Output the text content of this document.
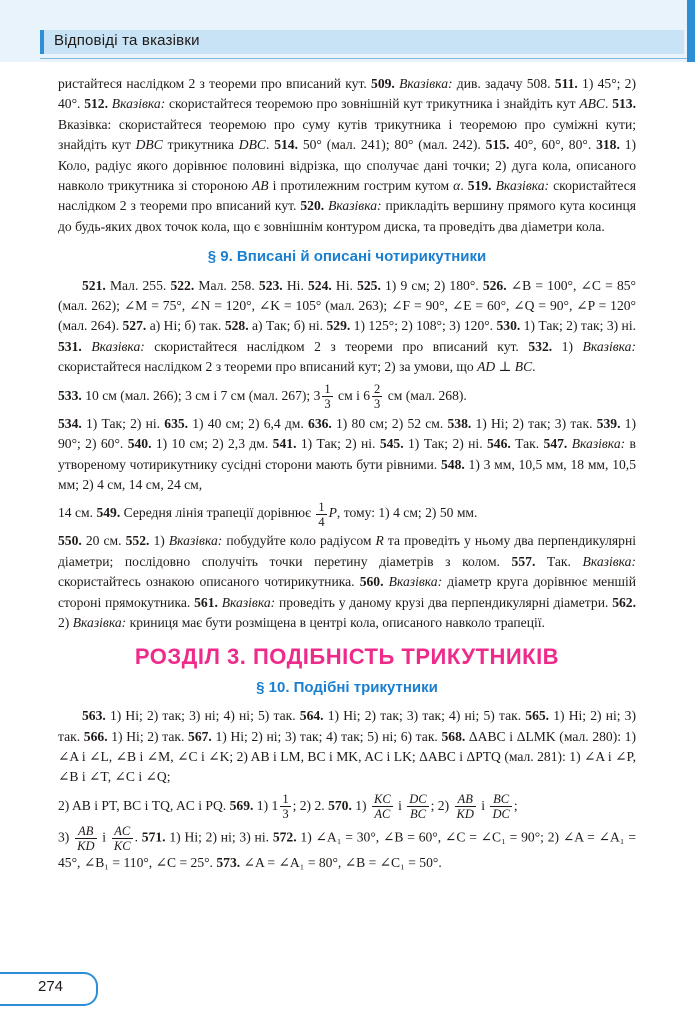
Відповіді та вказівки

ристайтеся наслідком 2 з теореми про вписаний кут. 509. Вказівка: див. задачу 508. 511. 1) 45°; 2) 40°. 512. Вказівка: скористайтеся теоремою про зовнішній кут трикутника і знайдіть кут ABC. 513. Вказівка: скористайтеся теоремою про суму кутів трикутника і теоремою про суміжні кути; знайдіть кут DBC трикутника DBC. 514. 50° (мал. 241); 80° (мал. 242). 515. 40°, 60°, 80°. 318. 1) Коло, радіус якого дорівнює половині відрізка, що сполучає дані точки; 2) дуга кола, описаного навколо трикутника зі стороною AB і протилежним гострим кутом α. 519. Вказівка: скористайтеся наслідком 2 з теореми про вписаний кут. 520. Вказівка: прикладіть вершину прямого кута косинця до будь-яких двох точок кола, що є зовнішнім контуром диска, та проведіть два діаметри кола.

§ 9. Вписані й описані чотирикутники

521. Мал. 255. 522. Мал. 258. 523. Ні. 524. Ні. 525. 1) 9 см; 2) 180°. 526. ∠B = 100°, ∠C = 85° (мал. 262); ∠M = 75°, ∠N = 120°, ∠K = 105° (мал. 263); ∠F = 90°, ∠E = 60°, ∠Q = 90°, ∠P = 120° (мал. 264). 527. а) Ні; б) так. 528. а) Так; б) ні. 529. 1) 125°; 2) 108°; 3) 120°. 530. 1) Так; 2) так; 3) ні. 531. Вказівка: скористайтеся наслідком 2 з теореми про вписаний кут. 532. 1) Вказівка: скористайтеся наслідком 2 з теореми про вписаний кут; 2) за умови, що AD ⊥ BC.

533. 10 см (мал. 266); 3 см і 7 см (мал. 267); $3 \frac{1}{3}$ см і $6 \frac{2}{3}$ см (мал. 268).

534. 1) Так; 2) ні. 635. 1) 40 см; 2) 6,4 дм. 636. 1) 80 см; 2) 52 см. 538. 1) Ні; 2) так; 3) так. 539. 1) 90°; 2) 60°. 540. 1) 10 см; 2) 2,3 дм. 541. 1) Так; 2) ні. 545. 1) Так; 2) ні. 546. Так. 547. Вказівка: в утвореному чотирикутнику сусідні сторони мають бути рівними. 548. 1) 3 мм, 10,5 мм, 18 мм, 10,5 мм; 2) 4 см, 14 см, 24 см,

14 см. 549. Середня лінія трапеції дорівнює $\frac{1}{4} P$, тому: 1) 4 см; 2) 50 мм.

550. 20 см. 552. 1) Вказівка: побудуйте коло радіусом R та проведіть у ньому два перпендикулярні діаметри; послідовно сполучіть точки перетину діаметрів з колом. 557. Так. Вказівка: скористайтесь ознакою описаного чотирикутника. 560. Вказівка: діаметр круга дорівнює меншій стороні прямокутника. 561. Вказівка: проведіть у даному крузі два перпендикулярні діаметри. 562. 2) Вказівка: криниця має бути розміщена в центрі кола, описаного навколо трапеції.

РОЗДІЛ 3. ПОДІБНІСТЬ ТРИКУТНИКІВ
§ 10. Подібні трикутники

563. 1) Ні; 2) так; 3) ні; 4) ні; 5) так. 564. 1) Ні; 2) так; 3) так; 4) ні; 5) так. 565. 1) Ні; 2) ні; 3) так. 566. 1) Ні; 2) так. 567. 1) Ні; 2) ні; 3) так; 4) так; 5) ні; 6) так. 568. ΔABC і ΔLMK (мал. 280): 1) ∠A і ∠L, ∠B і ∠M, ∠C і ∠K; 2) AB і LM, BC і MK, AC і LK; ΔABC і ΔPTQ (мал. 281): 1) ∠A і ∠P, ∠B і ∠T, ∠C і ∠Q;

2) AB і PT, BC і TQ, AC і PQ. 569. 1) $1 \frac{1}{3}$ ; 2) 2. 570. $1) \frac{KC}{AC}$ і $\frac{DC}{BC}$ ; $2) \frac{AB}{KD}$ і $\frac{BC}{DC}$ ;

$3) \frac{AB}{KD}$ і $\frac{AC}{KC}$ . 571. 1) Ні; 2) ні; 3) ні. 572. 1) ∠A₁ = 30°, ∠B = 60°, ∠C = ∠C₁ = 90°; 2) ∠A = ∠A₁ = 45°, ∠B₁ = 110°, ∠C = 25°. 573. ∠A = ∠A₁ = 80°, ∠B = ∠C₁ = 50°.

274
